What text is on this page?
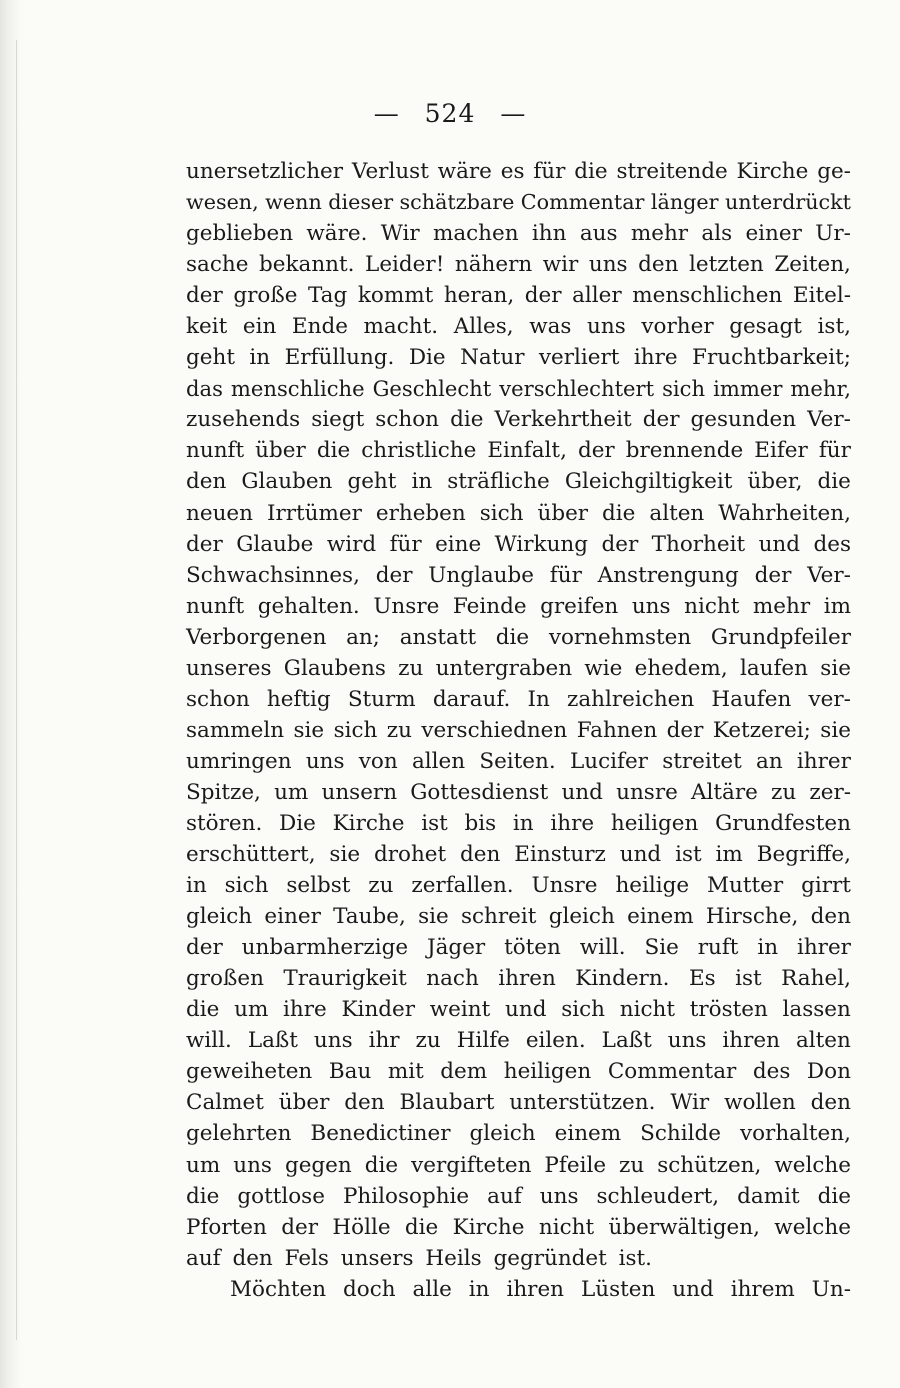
— 524 —
unersetzlicher Verlust wäre es für die streitende Kirche ge-
wesen, wenn dieser schätzbare Commentar länger unterdrückt
geblieben wäre. Wir machen ihn aus mehr als einer Ur-
sache bekannt. Leider! nähern wir uns den letzten Zeiten,
der große Tag kommt heran, der aller menschlichen Eitel-
keit ein Ende macht. Alles, was uns vorher gesagt ist,
geht in Erfüllung. Die Natur verliert ihre Fruchtbarkeit;
das menschliche Geschlecht verschlechtert sich immer mehr,
zusehends siegt schon die Verkehrtheit der gesunden Ver-
nunft über die christliche Einfalt, der brennende Eifer für
den Glauben geht in sträfliche Gleichgiltigkeit über, die
neuen Irrtümer erheben sich über die alten Wahrheiten,
der Glaube wird für eine Wirkung der Thorheit und des
Schwachsinnes, der Unglaube für Anstrengung der Ver-
nunft gehalten. Unsre Feinde greifen uns nicht mehr im
Verborgenen an; anstatt die vornehmsten Grundpfeiler
unseres Glaubens zu untergraben wie ehedem, laufen sie
schon heftig Sturm darauf. In zahlreichen Haufen ver-
sammeln sie sich zu verschiednen Fahnen der Ketzerei; sie
umringen uns von allen Seiten. Lucifer streitet an ihrer
Spitze, um unsern Gottesdienst und unsre Altäre zu zer-
stören. Die Kirche ist bis in ihre heiligen Grundfesten
erschüttert, sie drohet den Einsturz und ist im Begriffe,
in sich selbst zu zerfallen. Unsre heilige Mutter girrt
gleich einer Taube, sie schreit gleich einem Hirsche, den
der unbarmherzige Jäger töten will. Sie ruft in ihrer
großen Traurigkeit nach ihren Kindern. Es ist Rahel,
die um ihre Kinder weint und sich nicht trösten lassen
will. Laßt uns ihr zu Hilfe eilen. Laßt uns ihren alten
geweiheten Bau mit dem heiligen Commentar des Don
Calmet über den Blaubart unterstützen. Wir wollen den
gelehrten Benedictiner gleich einem Schilde vorhalten,
um uns gegen die vergifteten Pfeile zu schützen, welche
die gottlose Philosophie auf uns schleudert, damit die
Pforten der Hölle die Kirche nicht überwältigen, welche
auf den Fels unsers Heils gegründet ist.
Möchten doch alle in ihren Lüsten und ihrem Un-
